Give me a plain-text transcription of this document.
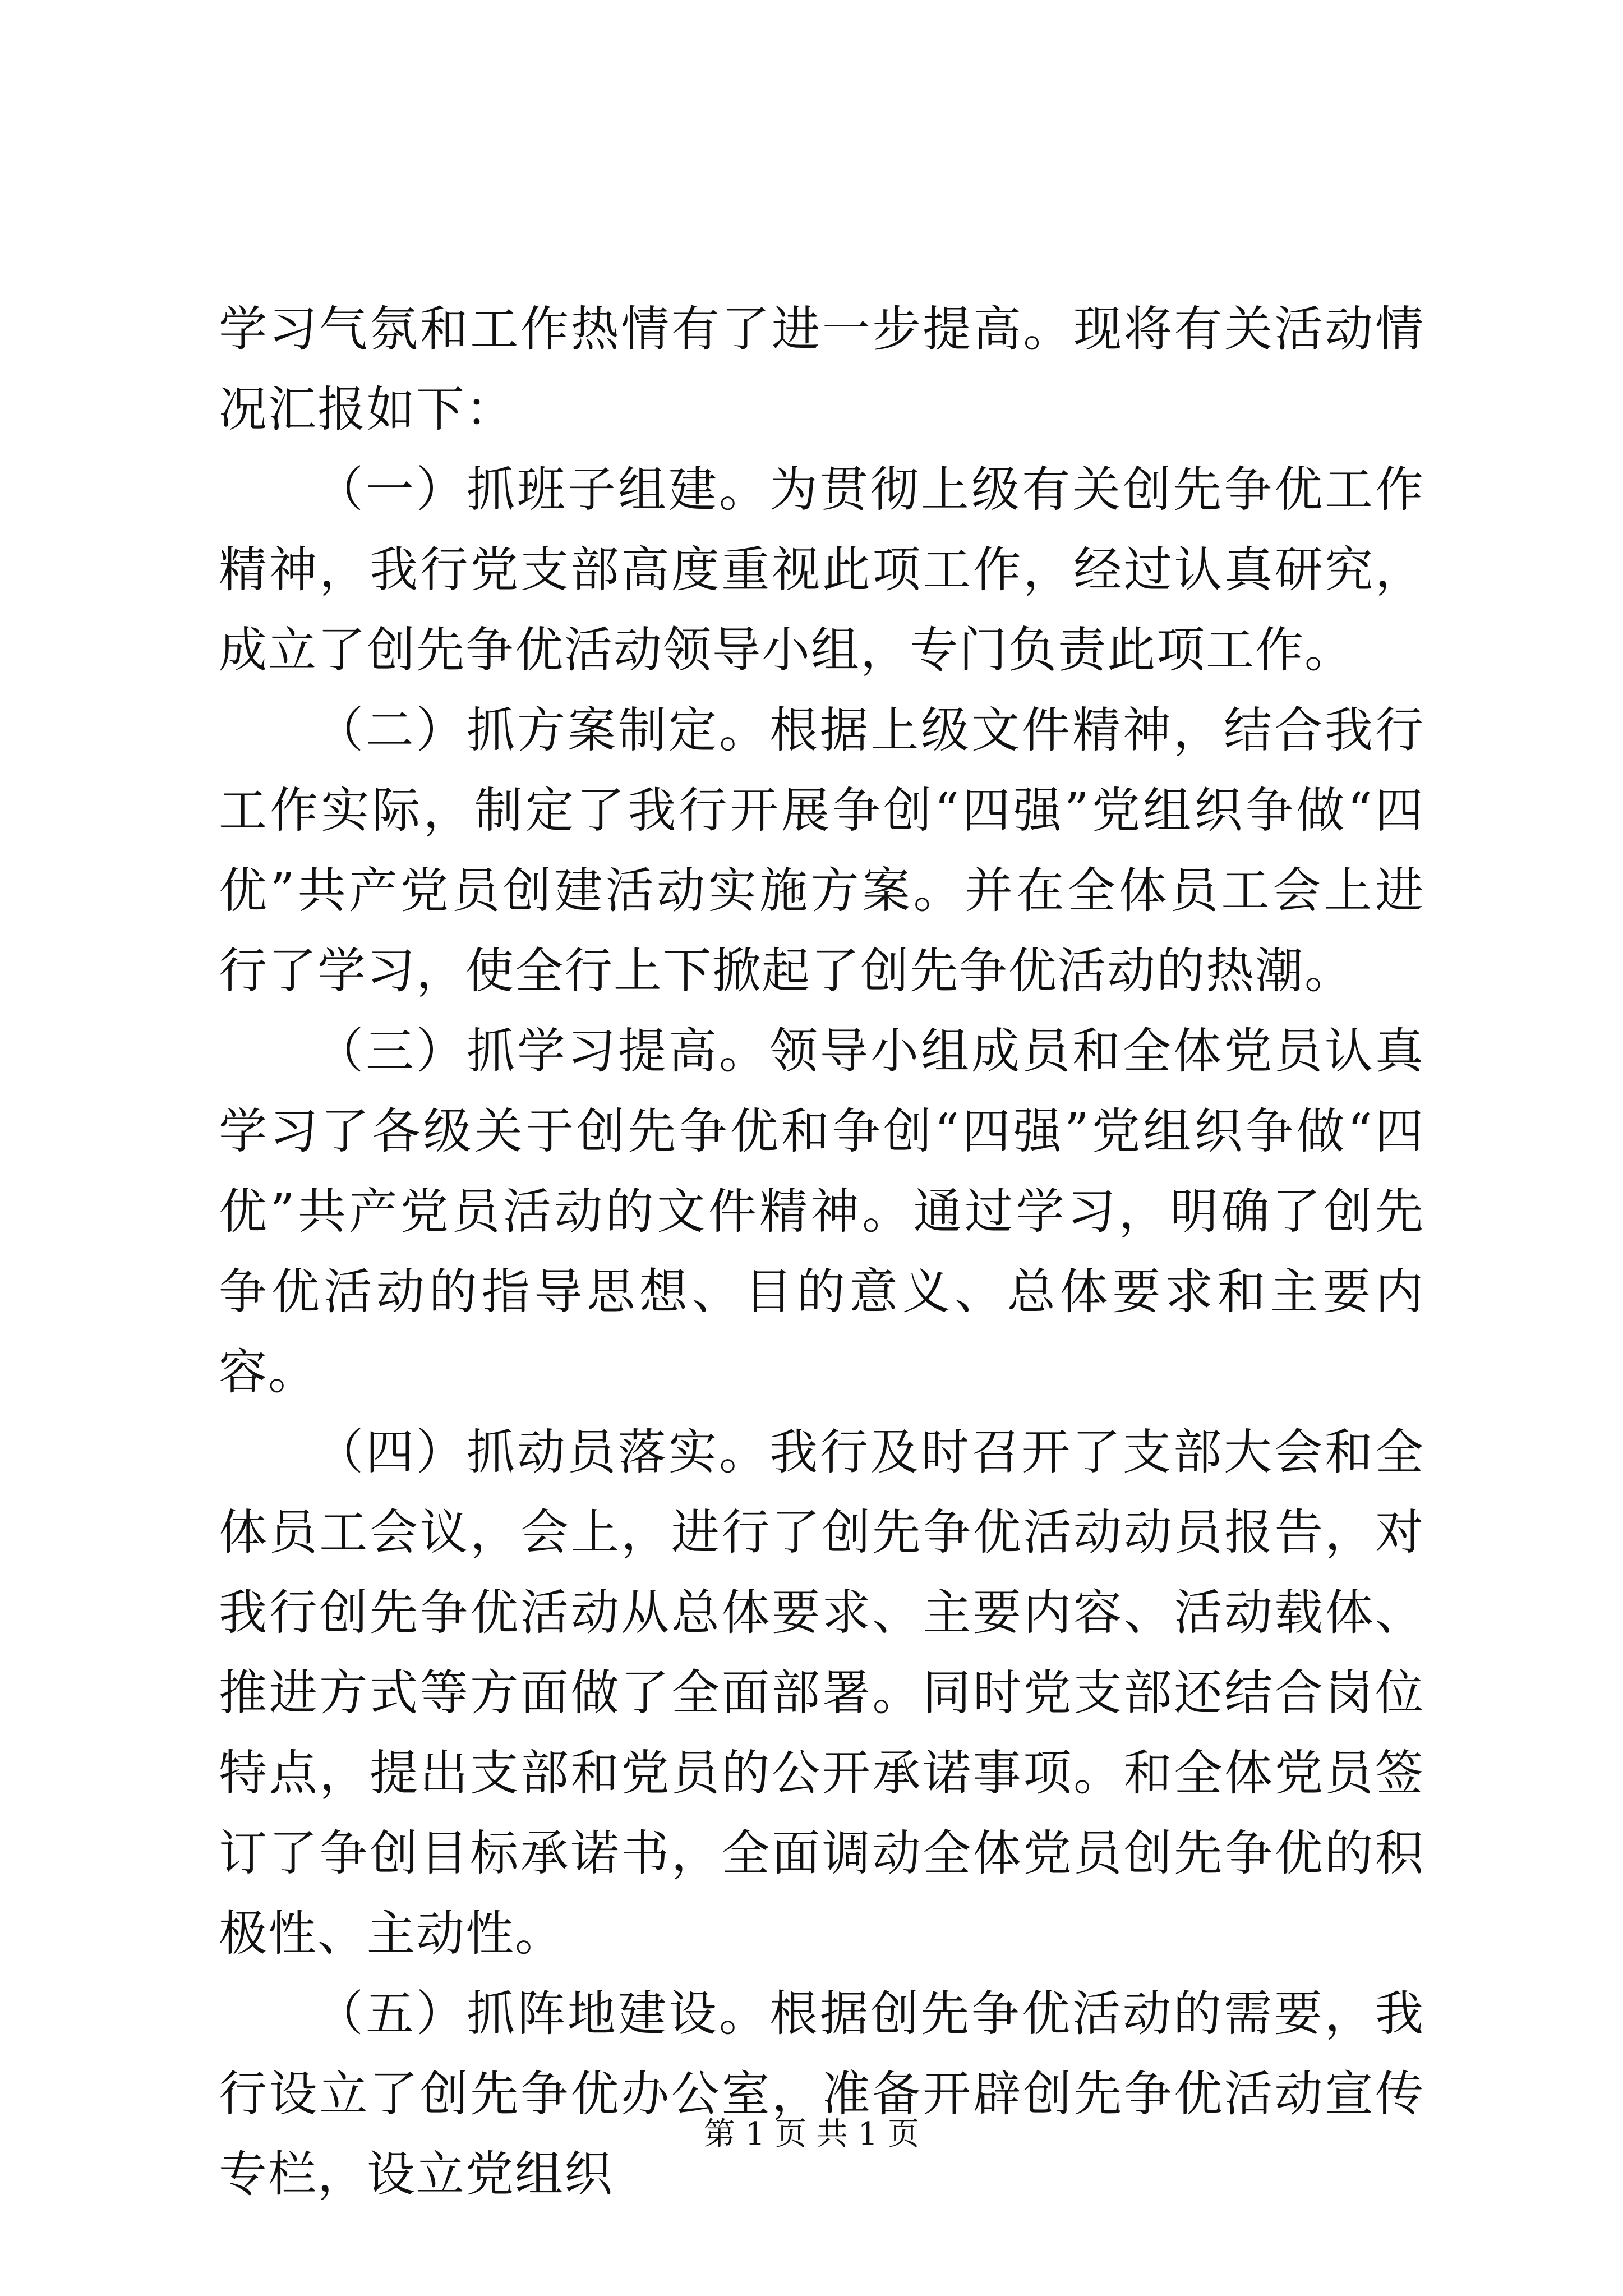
学习气氛和工作热情有了进一步提高。现将有关活动情况汇报如下：

（一）抓班子组建。为贯彻上级有关创先争优工作精神，我行党支部高度重视此项工作，经过认真研究，成立了创先争优活动领导小组，专门负责此项工作。

（二）抓方案制定。根据上级文件精神，结合我行工作实际，制定了我行开展争创“四强”党组织争做“四优”共产党员创建活动实施方案。并在全体员工会上进行了学习，使全行上下掀起了创先争优活动的热潮。

（三）抓学习提高。领导小组成员和全体党员认真学习了各级关于创先争优和争创“四强”党组织争做“四优”共产党员活动的文件精神。通过学习，明确了创先争优活动的指导思想、目的意义、总体要求和主要内容。

（四）抓动员落实。我行及时召开了支部大会和全体员工会议，会上，进行了创先争优活动动员报告，对我行创先争优活动从总体要求、主要内容、活动载体、推进方式等方面做了全面部署。同时党支部还结合岗位特点，提出支部和党员的公开承诺事项。和全体党员签订了争创目标承诺书，全面调动全体党员创先争优的积极性、主动性。

（五）抓阵地建设。根据创先争优活动的需要，我行设立了创先争优办公室，准备开辟创先争优活动宣传专栏，设立党组织

第 1 页 共 1 页
